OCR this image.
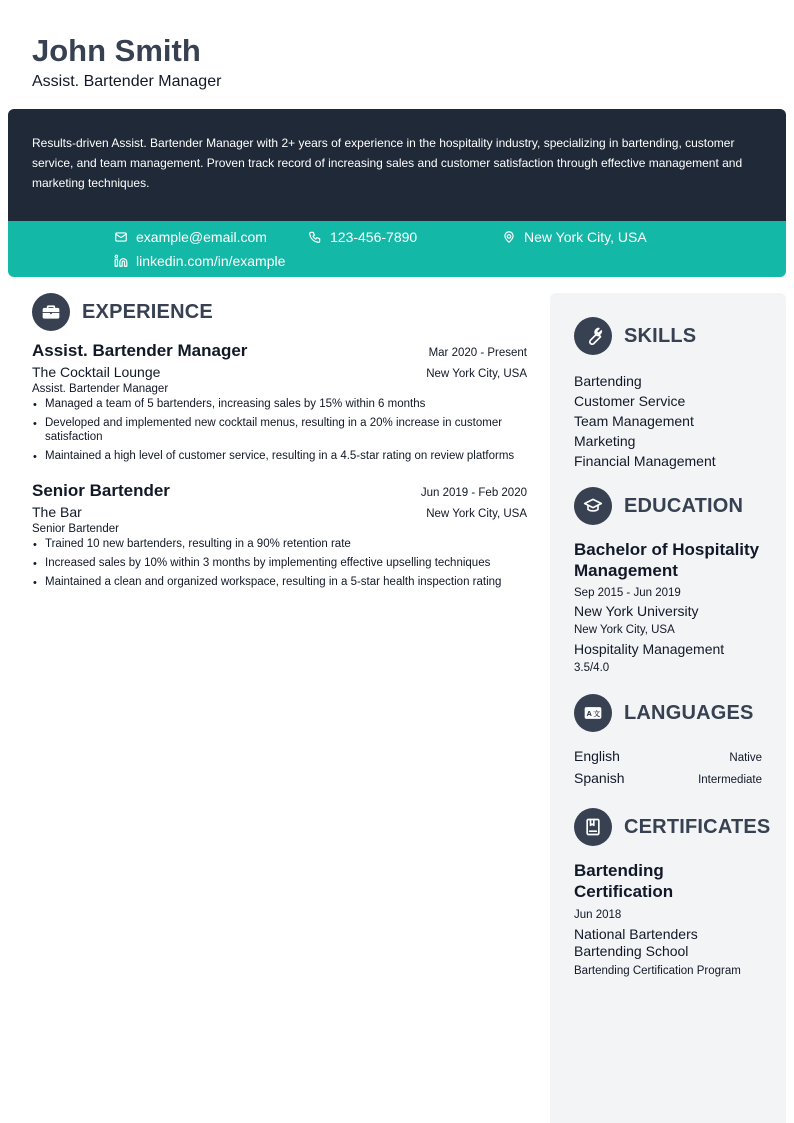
John Smith
Assist. Bartender Manager

Results-driven Assist. Bartender Manager with 2+ years of experience in the hospitality industry, specializing in bartending, customer service, and team management. Proven track record of increasing sales and customer satisfaction through effective management and marketing techniques.

example@email.com	123-456-7890	New York City, USA
linkedin.com/in/example
EXPERIENCE
Assist. Bartender Manager	Mar 2020 - Present
The Cocktail Lounge	New York City, USA
Assist. Bartender Manager
• Managed a team of 5 bartenders, increasing sales by 15% within 6 months
• Developed and implemented new cocktail menus, resulting in a 20% increase in customer satisfaction
• Maintained a high level of customer service, resulting in a 4.5-star rating on review platforms
Senior Bartender	Jun 2019 - Feb 2020
The Bar	New York City, USA
Senior Bartender
• Trained 10 new bartenders, resulting in a 90% retention rate
• Increased sales by 10% within 3 months by implementing effective upselling techniques
• Maintained a clean and organized workspace, resulting in a 5-star health inspection rating
SKILLS
Bartending
Customer Service
Team Management
Marketing
Financial Management
EDUCATION
Bachelor of Hospitality Management
Sep 2015 - Jun 2019
New York University
New York City, USA
Hospitality Management
3.5/4.0
A 文 LANGUAGES
English	Native
Spanish	Intermediate
CERTIFICATES
Bartending Certification
Jun 2018
National Bartenders Bartending School
Bartending Certification Program
